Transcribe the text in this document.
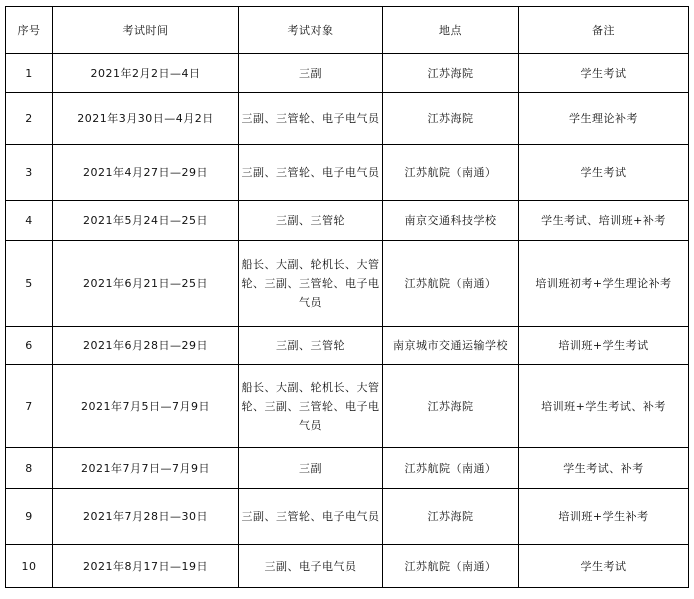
序号	考试时间	考试对象	地点	备注
1	2021年2月2日—4日	三副	江苏海院	学生考试
2	2021年3月30日—4月2日	三副、三管轮、电子电气员	江苏海院	学生理论补考
3	2021年4月27日—29日	三副、三管轮、电子电气员	江苏航院（南通）	学生考试
4	2021年5月24日—25日	三副、三管轮	南京交通科技学校	学生考试、培训班+补考
5	2021年6月21日—25日	船长、大副、轮机长、大管轮、三副、三管轮、电子电气员	江苏航院（南通）	培训班初考+学生理论补考
6	2021年6月28日—29日	三副、三管轮	南京城市交通运输学校	培训班+学生考试
7	2021年7月5日—7月9日	船长、大副、轮机长、大管轮、三副、三管轮、电子电气员	江苏海院	培训班+学生考试、补考
8	2021年7月7日—7月9日	三副	江苏航院（南通）	学生考试、补考
9	2021年7月28日—30日	三副、三管轮、电子电气员	江苏海院	培训班+学生补考
10	2021年8月17日—19日	三副、电子电气员	江苏航院（南通）	学生考试
